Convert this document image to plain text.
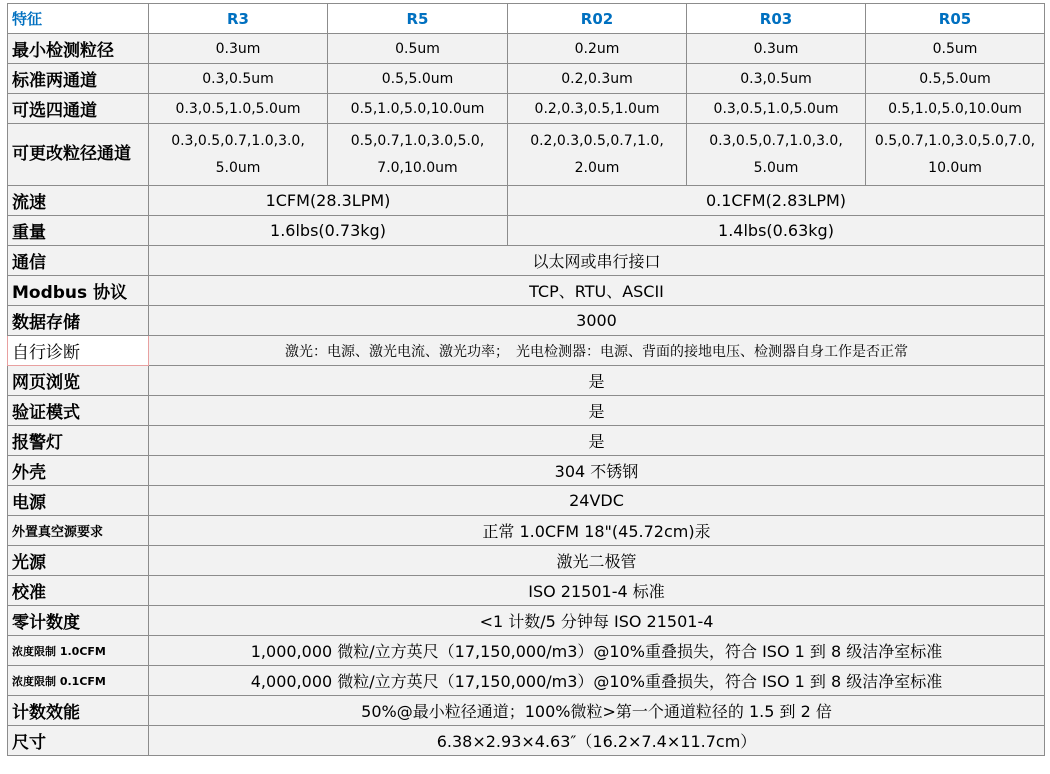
特征	R3	R5	R02	R03	R05
最小检测粒径	0.3um	0.5um	0.2um	0.3um	0.5um
标准两通道	0.3,0.5um	0.5,5.0um	0.2,0.3um	0.3,0.5um	0.5,5.0um
可选四通道	0.3,0.5,1.0,5.0um	0.5,1.0,5.0,10.0um	0.2,0.3,0.5,1.0um	0.3,0.5,1.0,5.0um	0.5,1.0,5.0,10.0um
可更改粒径通道	0.3,0.5,0.7,1.0,3.0, 5.0um	0.5,0.7,1.0,3.0,5.0, 7.0,10.0um	0.2,0.3,0.5,0.7,1.0, 2.0um	0.3,0.5,0.7,1.0,3.0, 5.0um	0.5,0.7,1.0,3.0,5.0,7.0, 10.0um
流速	1CFM(28.3LPM)		0.1CFM(2.83LPM)		
重量	1.6lbs(0.73kg)		1.4lbs(0.63kg)		
通信	以太网或串行接口				
Modbus 协议	TCP、RTU、ASCII				
数据存储	3000				
自行诊断	激光：电源、激光电流、激光功率；　光电检测器：电源、背面的接地电压、检测器自身工作是否正常				
网页浏览	是				
验证模式	是				
报警灯	是				
外壳	304 不锈钢				
电源	24VDC				
外置真空源要求	正常 1.0CFM 18"(45.72cm)汞				
光源	激光二极管				
校准	ISO 21501-4 标准				
零计数度	<1 计数/5 分钟每 ISO 21501-4				
浓度限制 1.0CFM	1,000,000 微粒/立方英尺（17,150,000/m3）@10%重叠损失，符合 ISO 1 到 8 级洁净室标准				
浓度限制 0.1CFM	4,000,000 微粒/立方英尺（17,150,000/m3）@10%重叠损失，符合 ISO 1 到 8 级洁净室标准				
计数效能	50%@最小粒径通道；100%微粒>第一个通道粒径的 1.5 到 2 倍				
尺寸	6.38×2.93×4.63″（16.2×7.4×11.7cm）				
